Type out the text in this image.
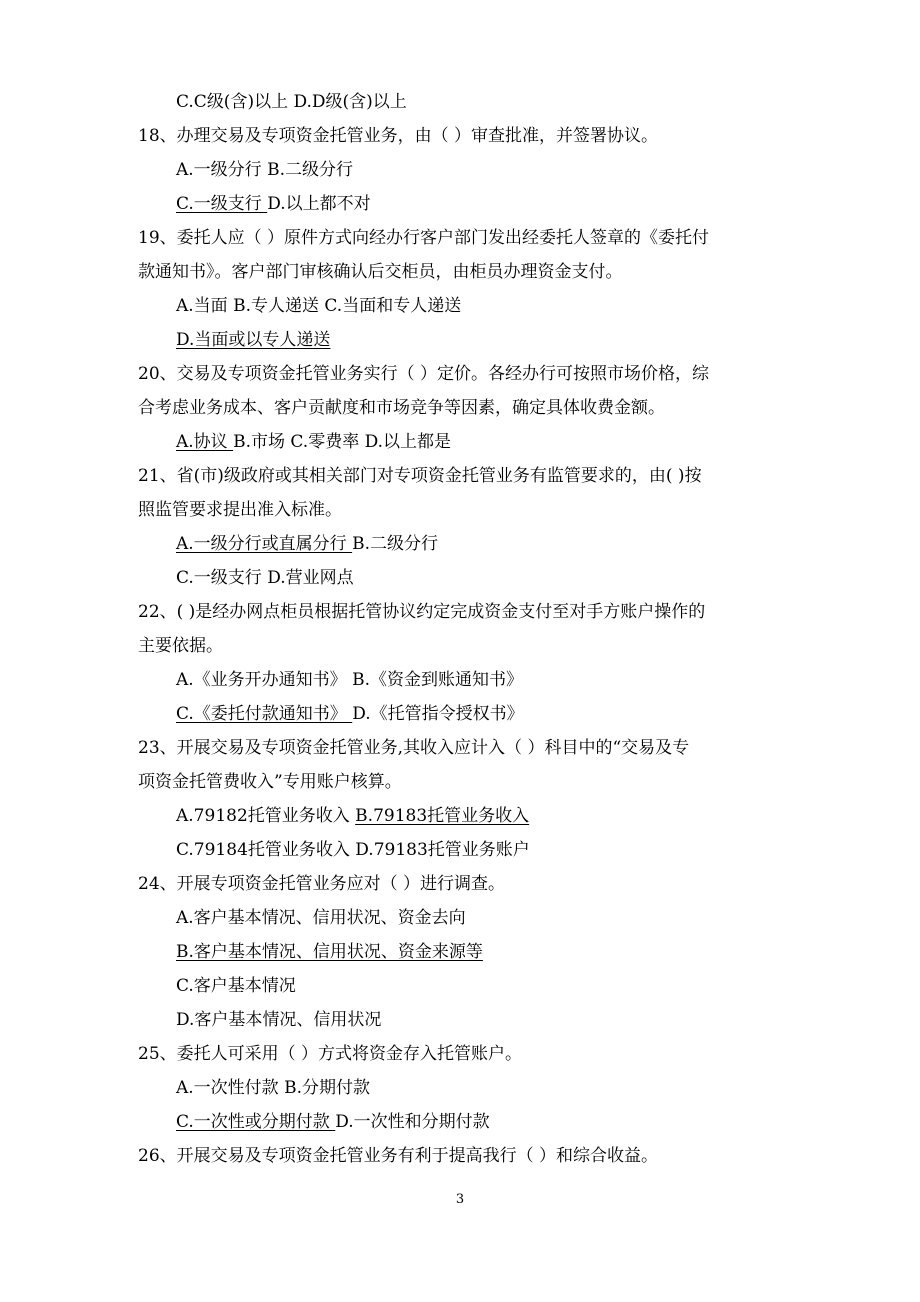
C.C级(含)以上 D.D级(含)以上
18、办理交易及专项资金托管业务，由（ ）审查批准，并签署协议。
A.一级分行 B.二级分行
C.一级支行 D.以上都不对
19、委托人应（ ）原件方式向经办行客户部门发出经委托人签章的《委托付
款通知书》。客户部门审核确认后交柜员，由柜员办理资金支付。
A.当面 B.专人递送 C.当面和专人递送
D.当面或以专人递送
20、交易及专项资金托管业务实行（ ）定价。各经办行可按照市场价格，综
合考虑业务成本、客户贡献度和市场竞争等因素，确定具体收费金额。
A.协议 B.市场 C.零费率 D.以上都是
21、省(市)级政府或其相关部门对专项资金托管业务有监管要求的，由( )按
照监管要求提出准入标准。
A.一级分行或直属分行 B.二级分行
C.一级支行 D.营业网点
22、( )是经办网点柜员根据托管协议约定完成资金支付至对手方账户操作的
主要依据。
A.《业务开办通知书》 B.《资金到账通知书》
C.《委托付款通知书》 D.《托管指令授权书》
23、开展交易及专项资金托管业务,其收入应计入（ ）科目中的“交易及专
项资金托管费收入”专用账户核算。
A.79182托管业务收入 B.79183托管业务收入
C.79184托管业务收入 D.79183托管业务账户
24、开展专项资金托管业务应对（ ）进行调查。
A.客户基本情况、信用状况、资金去向
B.客户基本情况、信用状况、资金来源等
C.客户基本情况
D.客户基本情况、信用状况
25、委托人可采用（ ）方式将资金存入托管账户。
A.一次性付款 B.分期付款
C.一次性或分期付款 D.一次性和分期付款
26、开展交易及专项资金托管业务有利于提高我行（ ）和综合收益。
3
